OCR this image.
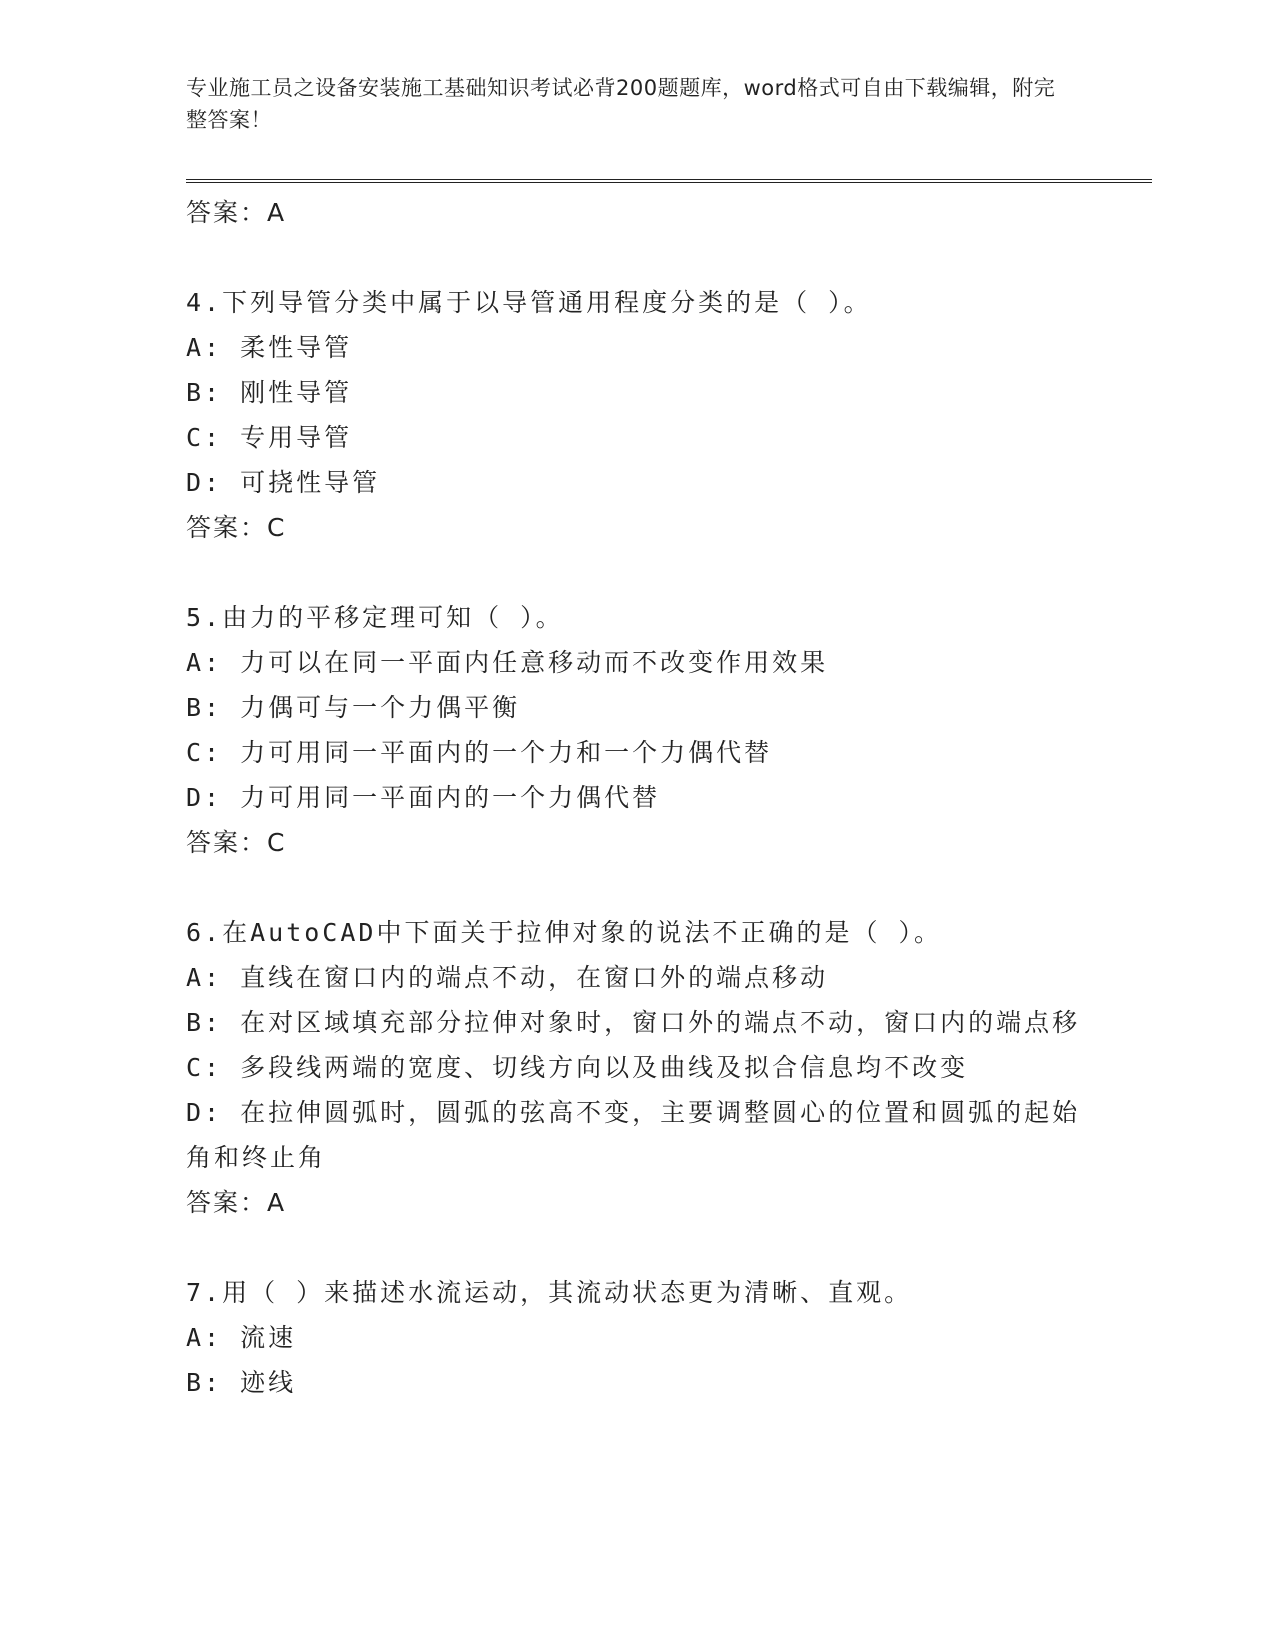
专业施工员之设备安装施工基础知识考试必背200题题库，word格式可自由下载编辑，附完整答案！
答案：A
4.下列导管分类中属于以导管通用程度分类的是（ ）。
A: 柔性导管
B: 刚性导管
C: 专用导管
D: 可挠性导管
答案：C
5.由力的平移定理可知（ ）。
A: 力可以在同一平面内任意移动而不改变作用效果
B: 力偶可与一个力偶平衡
C: 力可用同一平面内的一个力和一个力偶代替
D: 力可用同一平面内的一个力偶代替
答案：C
6.在AutoCAD中下面关于拉伸对象的说法不正确的是（ ）。
A: 直线在窗口内的端点不动，在窗口外的端点移动
B: 在对区域填充部分拉伸对象时，窗口外的端点不动，窗口内的端点移
C: 多段线两端的宽度、切线方向以及曲线及拟合信息均不改变
D: 在拉伸圆弧时，圆弧的弦高不变，主要调整圆心的位置和圆弧的起始角和终止角
答案：A
7.用（ ）来描述水流运动，其流动状态更为清晰、直观。
A: 流速
B: 迹线
